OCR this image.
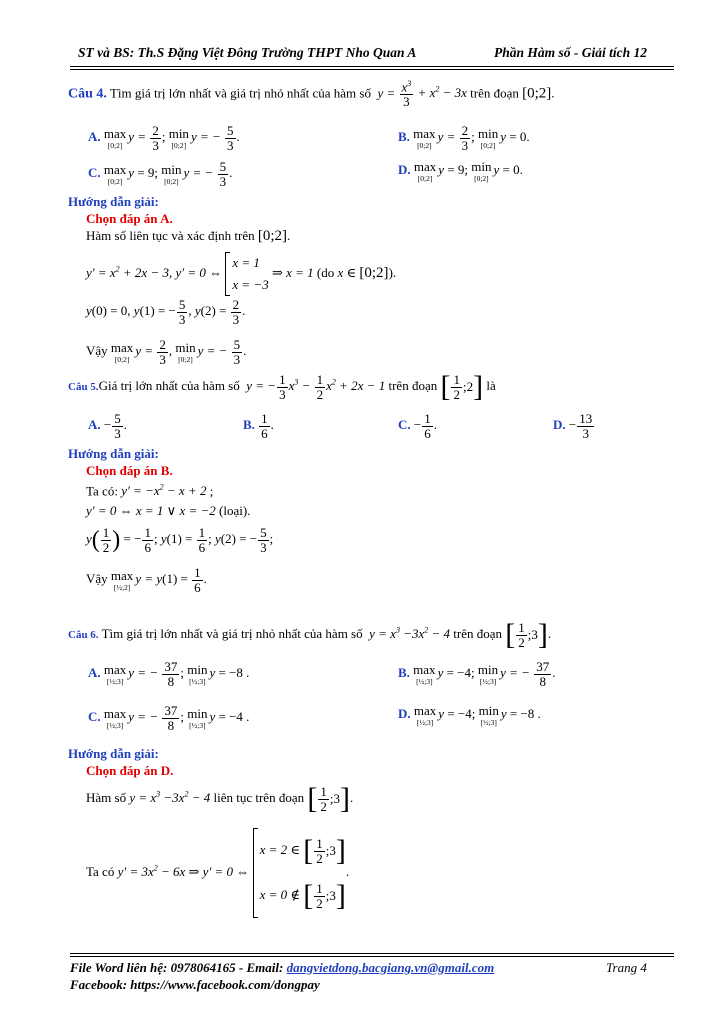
ST và BS: Th.S Đặng Việt Đông Trường THPT Nho Quan A	Phần Hàm số - Giải tích 12
Câu 4. Tìm giá trị lớn nhất và giá trị nhỏ nhất của hàm số  $y = \frac{x^3}{3} + x^2 - 3x$ trên đoạn [0;2].
A. max
[0;2]
$y = \frac{2}{3}$ ; min
[0;2]
y = − $\frac{5}{3}$ .	B. max
[0;2]
$y = \frac{2}{3}$ ; min
[0;2]
y = 0.
C. max
[0;2]
y = 9; min
[0;2]
y = − $\frac{5}{3}$ .	D. max
[0;2]
y = 9; min
[0;2]
y = 0.
Hướng dẫn giải:
Chọn đáp án A.
Hàm số liên tục và xác định trên [0;2].
$y' = x^2 + 2x - 3$, y′ = 0 ⇔ x = 1
x = −3 ⇒ x = 1 (do x ∈ [0;2]).
y(0) = 0, y(1) = − $\frac{5}{3}$ , $y(2) = \frac{2}{3}$ .
Vậy max
[0;2]
$y = \frac{2}{3}$ , min
[0;2]
y = − $\frac{5}{3}$ .
Câu 5.Giá trị lớn nhất của hàm số  y = − $\frac{1}{3} x^3 - \frac{1}{2} x^2 + 2x - 1$ trên đoạn [ $\frac{1}{2}$ ;2 ] là
A. − $\frac{5}{3}$ .	B. $\frac{1}{6}$ .	C. − $\frac{1}{6}$ .	D. − $\frac{13}{3}$
Hướng dẫn giải:
Chọn đáp án B.
Ta có: $y' = -x^2 - x + 2$ ;
y′ = 0 ⇔ x = 1 ∨ x = −2 (loại).
y ( $\frac{1}{2}$ ) = − $\frac{1}{6}$ ; $y(1) = \frac{1}{6}$ ; y(2) = − $\frac{5}{3}$ ;
Vậy max
[½;2]
$y = y(1) = \frac{1}{6}$ .
Câu 6. Tìm giá trị lớn nhất và giá trị nhỏ nhất của hàm số  $y = x^3 -3x^2 - 4$ trên đoạn [ $\frac{1}{2}$ ;3 ] .
A. max
[½;3]
y = − $\frac{37}{8}$ ; min
[½;3]
y = −8 .	B. max
[½;3]
y = −4; min
[½;3]
y = − $\frac{37}{8}$ .
C. max
[½;3]
y = − $\frac{37}{8}$ ; min
[½;3]
y = −4 .	D. max
[½;3]
y = −4; min
[½;3]
y = −8 .
Hướng dẫn giải:
Chọn đáp án D.
Hàm số $y = x^3 -3x^2 - 4$ liên tục trên đoạn [ $\frac{1}{2}$ ;3 ] .
Ta có $y' = 3x^2 - 6x$ ⇒ y′ = 0 ⇔ x = 2 ∈ [ $\frac{1}{2}$ ;3 ]

x = 0 ∉ [ $\frac{1}{2}$ ;3 ]
.
File Word liên hệ: 0978064165 - Email: dangvietdong.bacgiang.vn@gmail.com	Trang 4
Facebook: https://www.facebook.com/dongpay
